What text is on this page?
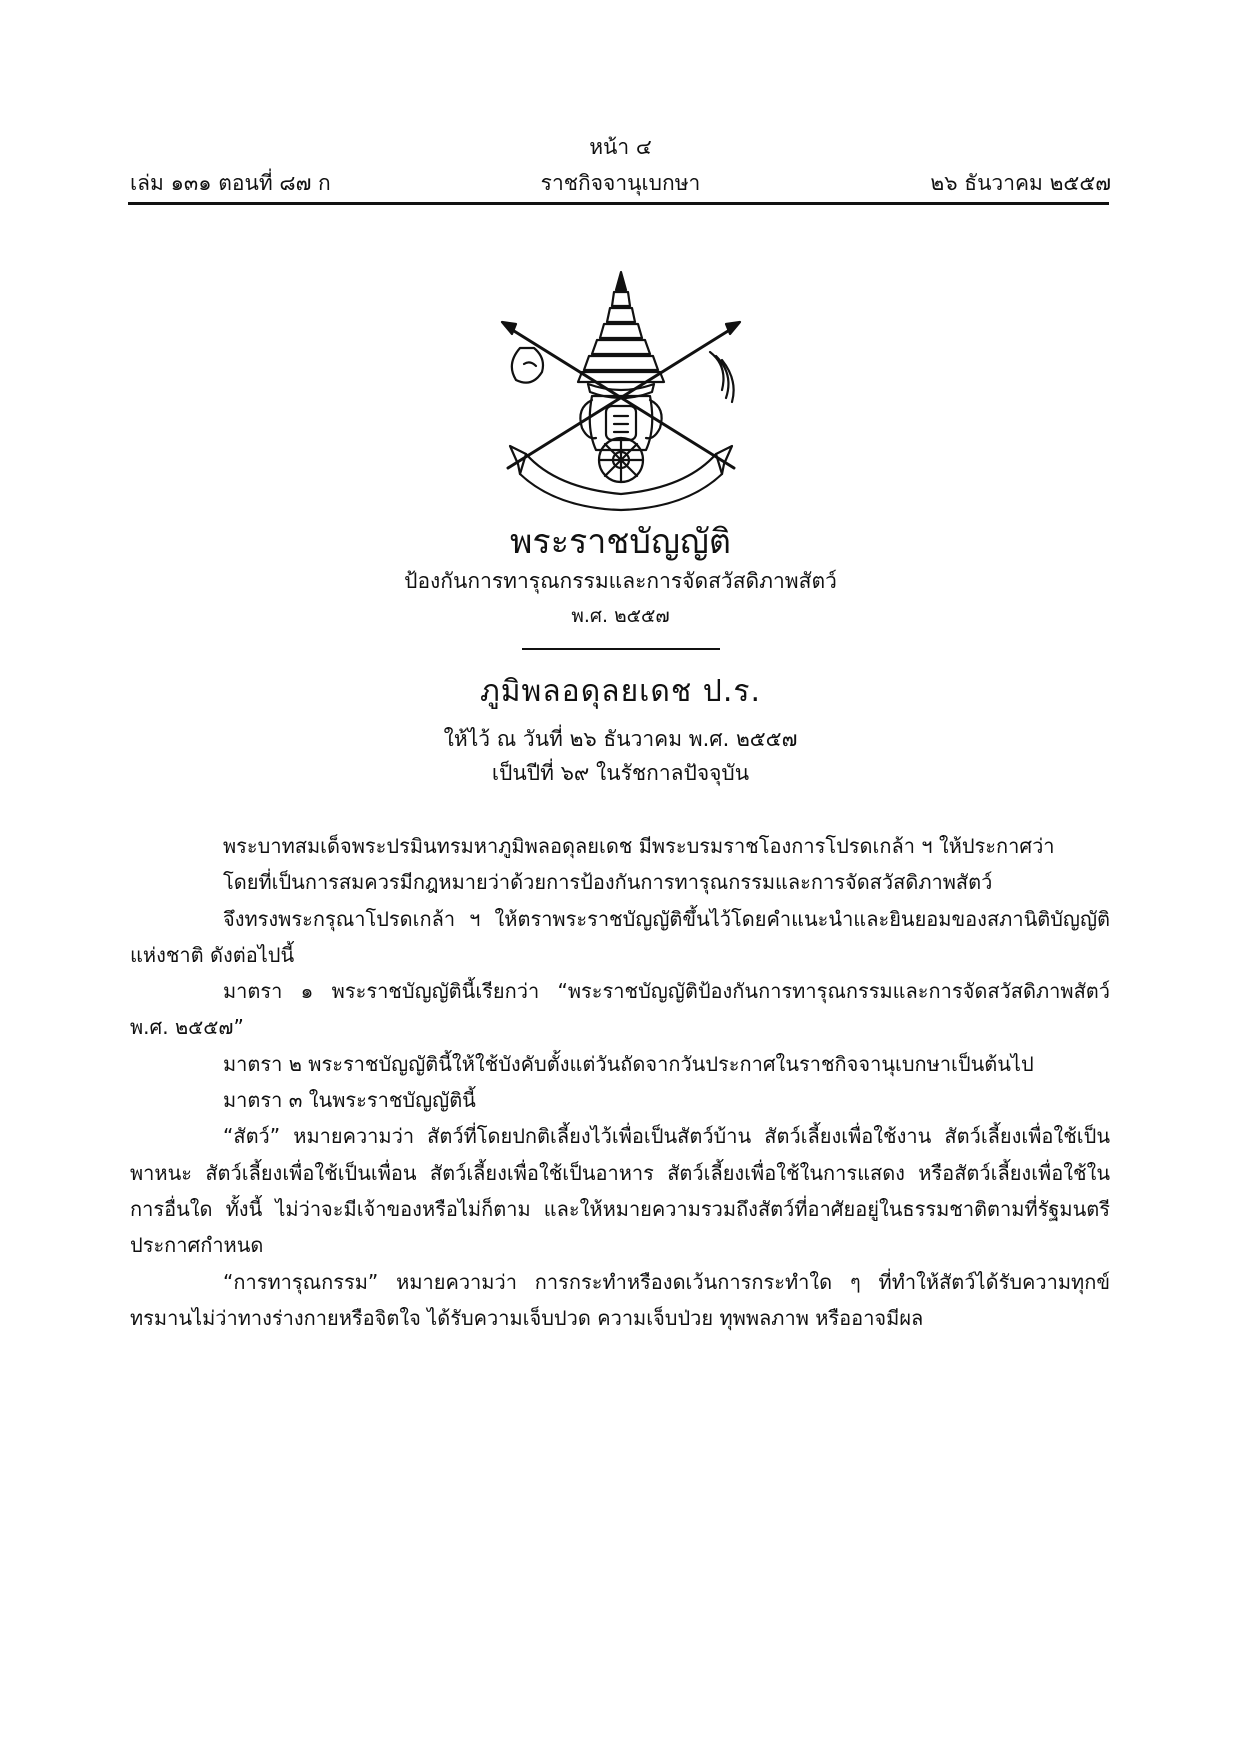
หน้า ๔
เล่ม ๑๓๑ ตอนที่ ๘๗ ก	ราชกิจจานุเบกษา	๒๖ ธันวาคม ๒๕๕๗
พระราชบัญญัติ
ป้องกันการทารุณกรรมและการจัดสวัสดิภาพสัตว์
พ.ศ. ๒๕๕๗
ภูมิพลอดุลยเดช ป.ร.
ให้ไว้ ณ วันที่ ๒๖ ธันวาคม พ.ศ. ๒๕๕๗
เป็นปีที่ ๖๙ ในรัชกาลปัจจุบัน

พระบาทสมเด็จพระปรมินทรมหาภูมิพลอดุลยเดช มีพระบรมราชโองการโปรดเกล้า ฯ ให้ประกาศว่า

โดยที่เป็นการสมควรมีกฎหมายว่าด้วยการป้องกันการทารุณกรรมและการจัดสวัสดิภาพสัตว์

จึงทรงพระกรุณาโปรดเกล้า ฯ ให้ตราพระราชบัญญัติขึ้นไว้โดยคำแนะนำและยินยอมของสภานิติบัญญัติแห่งชาติ ดังต่อไปนี้

มาตรา ๑ พระราชบัญญัตินี้เรียกว่า “พระราชบัญญัติป้องกันการทารุณกรรมและการจัดสวัสดิภาพสัตว์ พ.ศ. ๒๕๕๗”

มาตรา ๒ พระราชบัญญัตินี้ให้ใช้บังคับตั้งแต่วันถัดจากวันประกาศในราชกิจจานุเบกษาเป็นต้นไป

มาตรา ๓ ในพระราชบัญญัตินี้

“สัตว์” หมายความว่า สัตว์ที่โดยปกติเลี้ยงไว้เพื่อเป็นสัตว์บ้าน สัตว์เลี้ยงเพื่อใช้งาน สัตว์เลี้ยงเพื่อใช้เป็นพาหนะ สัตว์เลี้ยงเพื่อใช้เป็นเพื่อน สัตว์เลี้ยงเพื่อใช้เป็นอาหาร สัตว์เลี้ยงเพื่อใช้ในการแสดง หรือสัตว์เลี้ยงเพื่อใช้ในการอื่นใด ทั้งนี้ ไม่ว่าจะมีเจ้าของหรือไม่ก็ตาม และให้หมายความรวมถึงสัตว์ที่อาศัยอยู่ในธรรมชาติตามที่รัฐมนตรีประกาศกำหนด

“การทารุณกรรม” หมายความว่า การกระทำหรืองดเว้นการกระทำใด ๆ ที่ทำให้สัตว์ได้รับความทุกข์ทรมานไม่ว่าทางร่างกายหรือจิตใจ ได้รับความเจ็บปวด ความเจ็บป่วย ทุพพลภาพ หรืออาจมีผล
